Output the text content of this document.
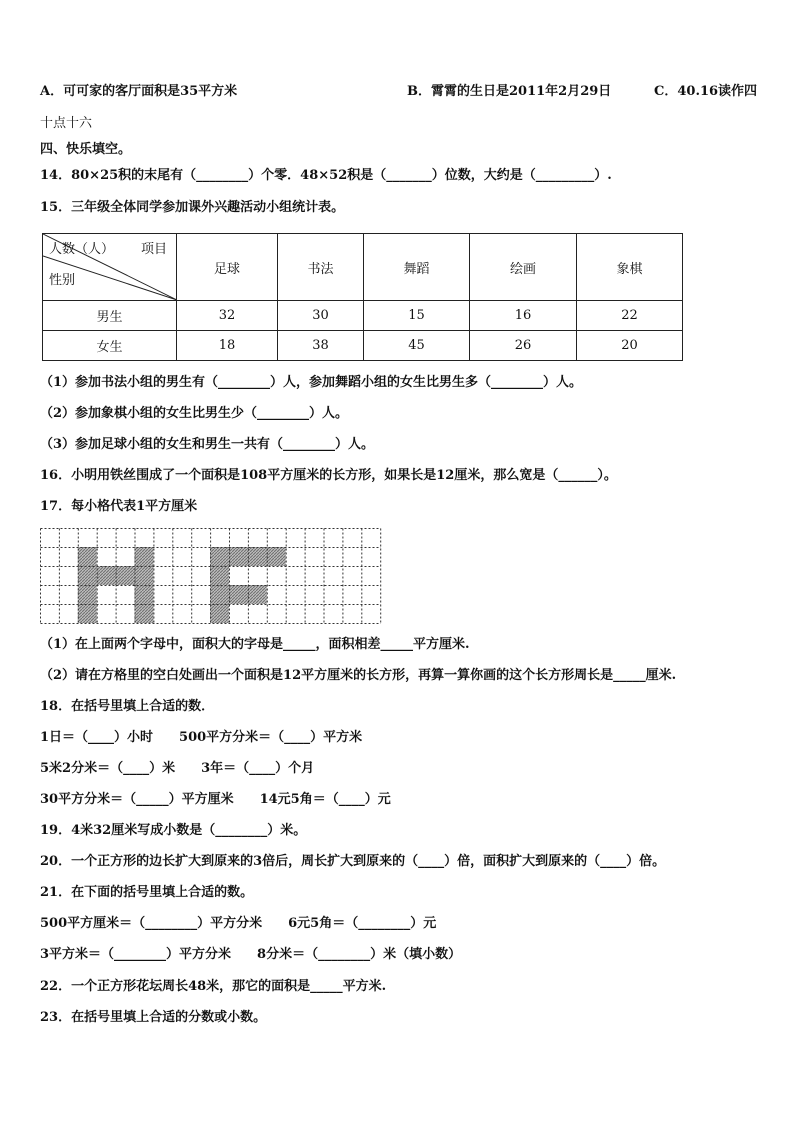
A．可可家的客厅面积是35平方米	B．霄霄的生日是2011年2月29日	C．40.16读作四
十点十六
四、快乐填空。
14．80×25积的末尾有（________）个零．48×52积是（_______）位数，大约是（_________）.
15．三年级全体同学参加课外兴趣活动小组统计表。
人数（人） 项目
性别	足球	书法	舞蹈	绘画	象棋
男生	32	30	15	16	22
女生	18	38	45	26	20
（1）参加书法小组的男生有（________）人，参加舞蹈小组的女生比男生多（________）人。
（2）参加象棋小组的女生比男生少（________）人。
（3）参加足球小组的女生和男生一共有（________）人。
16．小明用铁丝围成了一个面积是108平方厘米的长方形，如果长是12厘米，那么宽是（______）。
17．每小格代表1平方厘米
（1）在上面两个字母中，面积大的字母是_____，面积相差_____平方厘米.
（2）请在方格里的空白处画出一个面积是12平方厘米的长方形，再算一算你画的这个长方形周长是_____厘米.
18．在括号里填上合适的数．
1日＝（____）小时　　500平方分米＝（____）平方米
5米2分米＝（____）米　　3年＝（____）个月
30平方分米＝（_____）平方厘米　　14元5角＝（____）元
19．4米32厘米写成小数是（________）米。
20．一个正方形的边长扩大到原来的3倍后，周长扩大到原来的（____）倍，面积扩大到原来的（____）倍。
21．在下面的括号里填上合适的数。
500平方厘米＝（________）平方分米　　6元5角＝（________）元
3平方米＝（________）平方分米　　8分米＝（________）米（填小数）
22．一个正方形花坛周长48米，那它的面积是_____平方米.
23．在括号里填上合适的分数或小数。
